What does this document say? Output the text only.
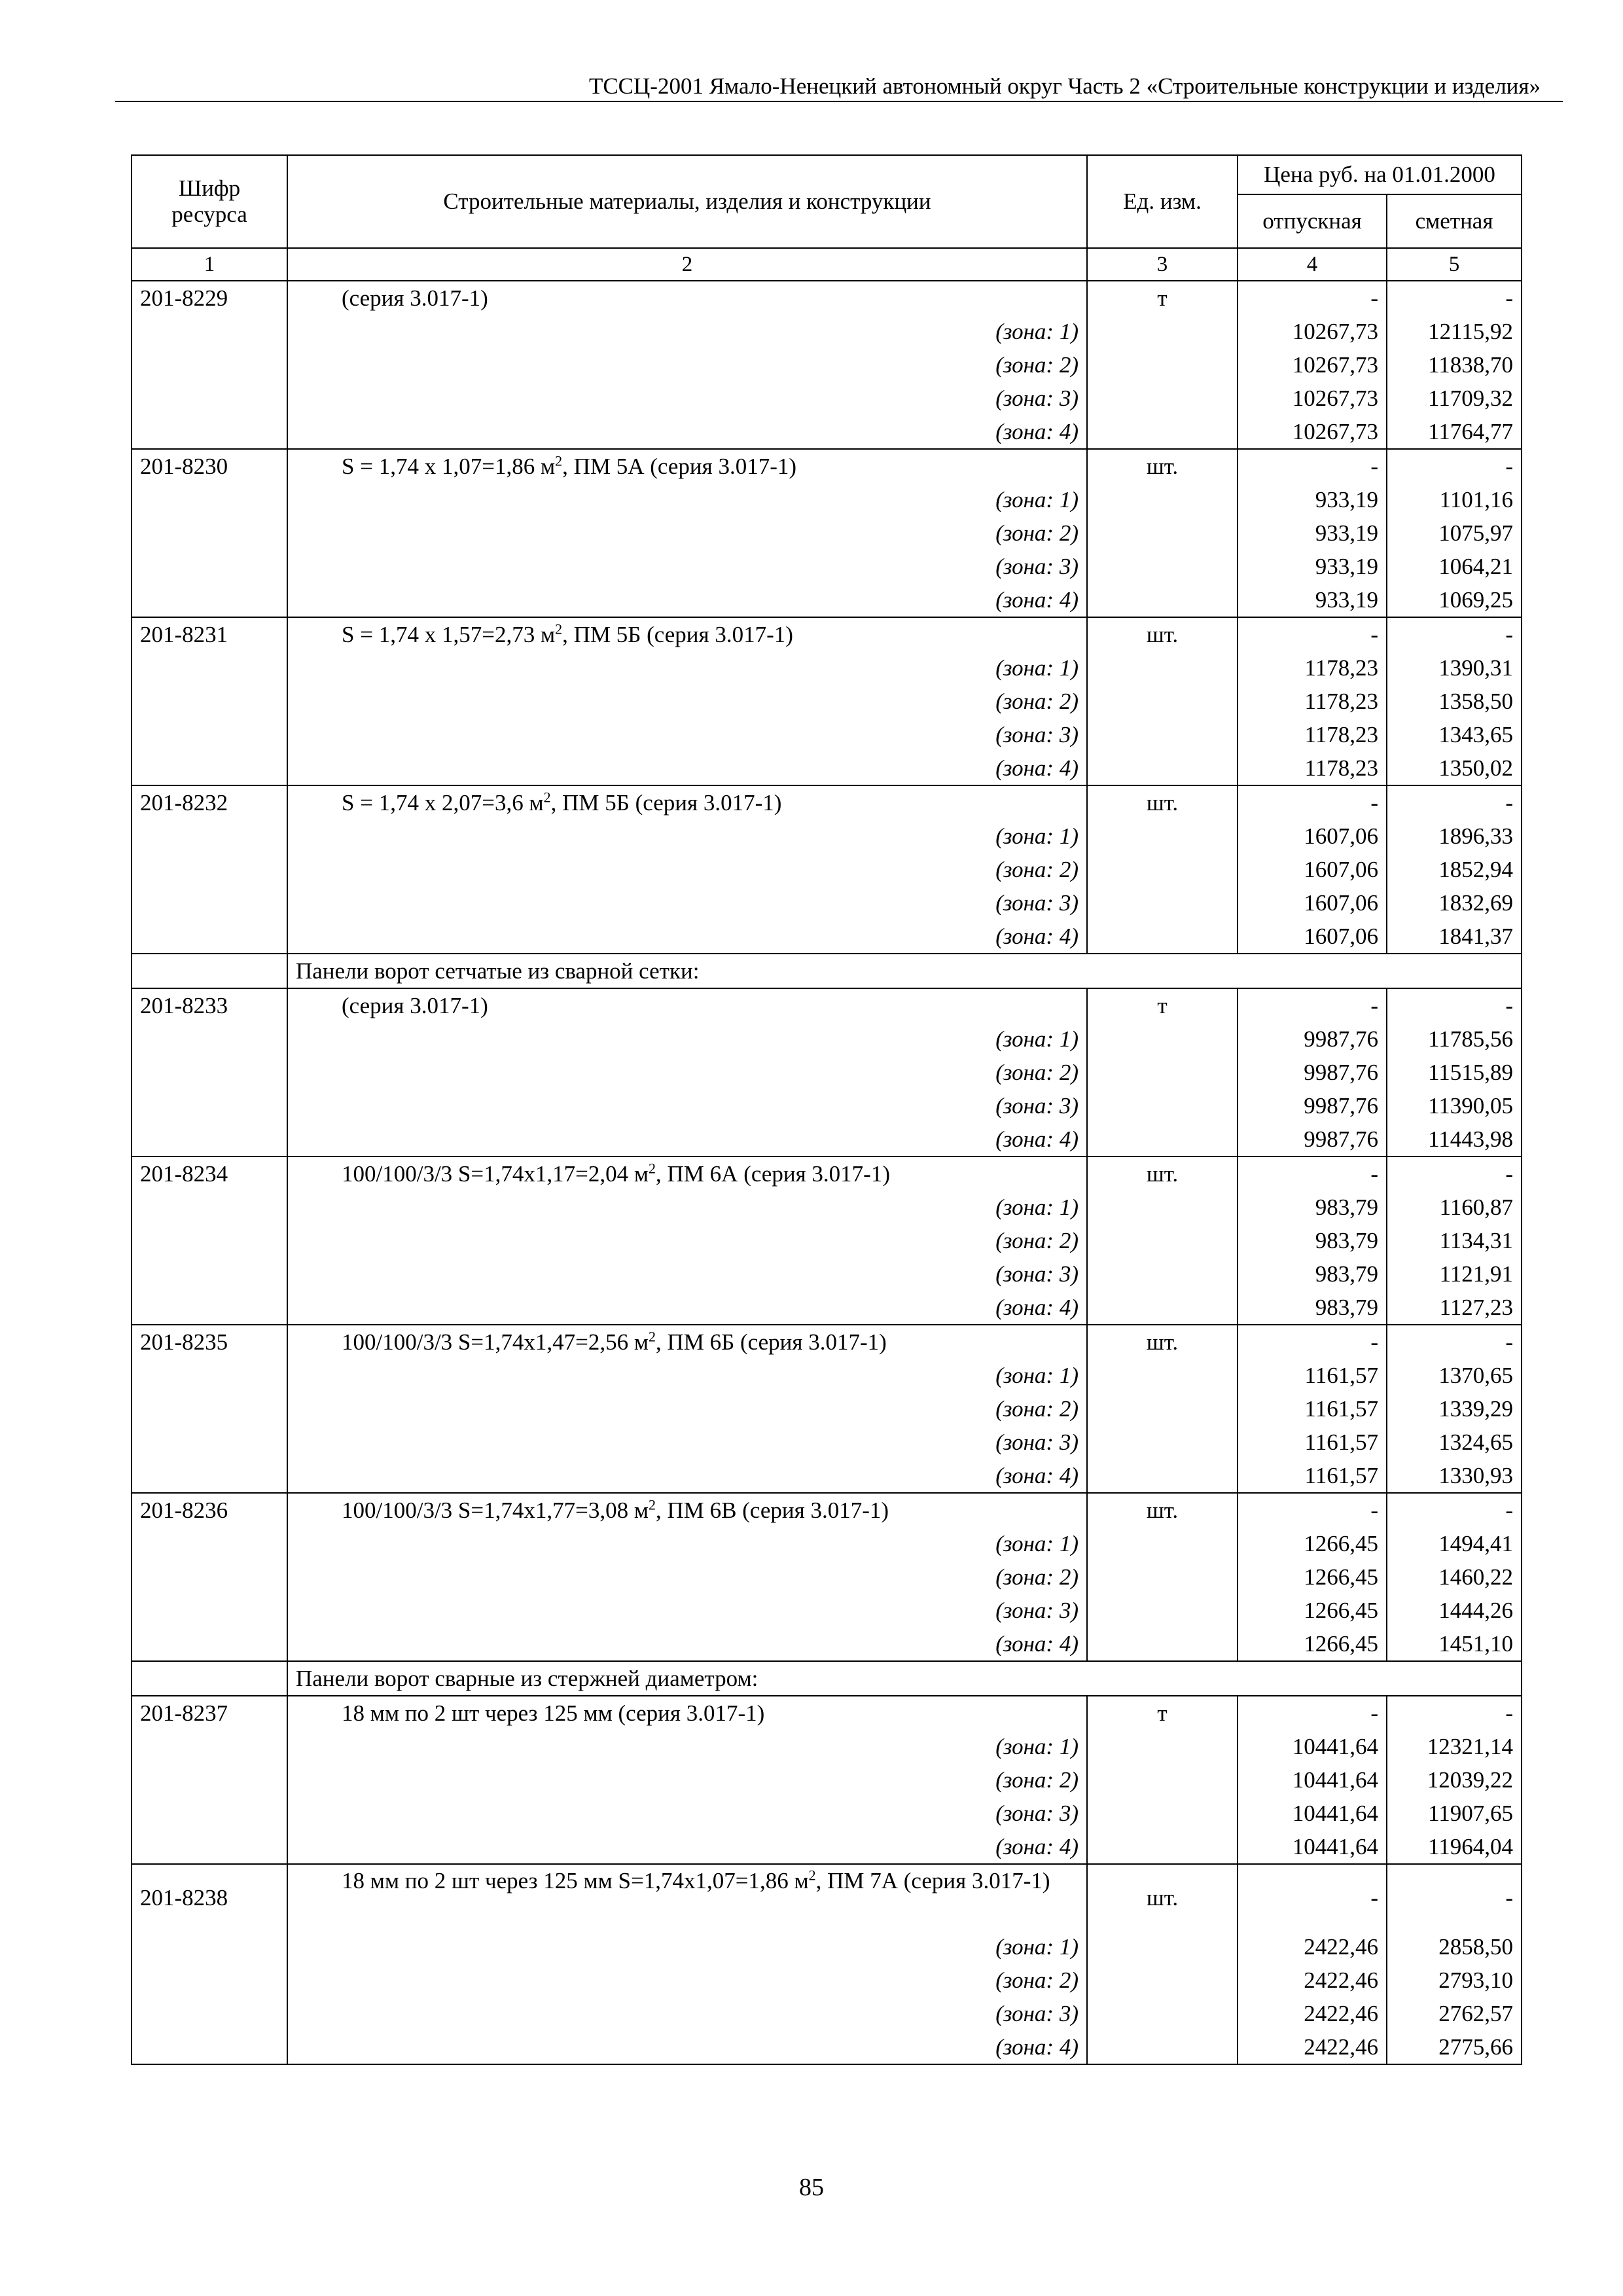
ТССЦ-2001 Ямало-Ненецкий автономный округ Часть 2 «Строительные конструкции и изделия»
Шифр ресурса	Строительные материалы, изделия и конструкции	Ед. изм.	Цена руб. на 01.01.2000	
			отпускная	сметная
1	2	3	4	5
201-8229	(серия 3.017-1)	т	-	-
	(зона: 1)		10267,73	12115,92
	(зона: 2)		10267,73	11838,70
	(зона: 3)		10267,73	11709,32
	(зона: 4)		10267,73	11764,77
201-8230	S = 1,74 х 1,07=1,86 $м^2$, ПМ 5А (серия 3.017-1)	шт.	-	-
	(зона: 1)		933,19	1101,16
	(зона: 2)		933,19	1075,97
	(зона: 3)		933,19	1064,21
	(зона: 4)		933,19	1069,25
201-8231	S = 1,74 х 1,57=2,73 $м^2$, ПМ 5Б (серия 3.017-1)	шт.	-	-
	(зона: 1)		1178,23	1390,31
	(зона: 2)		1178,23	1358,50
	(зона: 3)		1178,23	1343,65
	(зона: 4)		1178,23	1350,02
201-8232	S = 1,74 х 2,07=3,6 $м^2$, ПМ 5Б (серия 3.017-1)	шт.	-	-
	(зона: 1)		1607,06	1896,33
	(зона: 2)		1607,06	1852,94
	(зона: 3)		1607,06	1832,69
	(зона: 4)		1607,06	1841,37
	Панели ворот сетчатые из сварной сетки:			
201-8233	(серия 3.017-1)	т	-	-
	(зона: 1)		9987,76	11785,56
	(зона: 2)		9987,76	11515,89
	(зона: 3)		9987,76	11390,05
	(зона: 4)		9987,76	11443,98
201-8234	100/100/3/3 S=1,74х1,17=2,04 $м^2$, ПМ 6А (серия 3.017-1)	шт.	-	-
	(зона: 1)		983,79	1160,87
	(зона: 2)		983,79	1134,31
	(зона: 3)		983,79	1121,91
	(зона: 4)		983,79	1127,23
201-8235	100/100/3/3 S=1,74х1,47=2,56 $м^2$, ПМ 6Б (серия 3.017-1)	шт.	-	-
	(зона: 1)		1161,57	1370,65
	(зона: 2)		1161,57	1339,29
	(зона: 3)		1161,57	1324,65
	(зона: 4)		1161,57	1330,93
201-8236	100/100/3/3 S=1,74х1,77=3,08 $м^2$, ПМ 6В (серия 3.017-1)	шт.	-	-
	(зона: 1)		1266,45	1494,41
	(зона: 2)		1266,45	1460,22
	(зона: 3)		1266,45	1444,26
	(зона: 4)		1266,45	1451,10
	Панели ворот сварные из стержней диаметром:			
201-8237	18 мм по 2 шт через 125 мм (серия 3.017-1)	т	-	-
	(зона: 1)		10441,64	12321,14
	(зона: 2)		10441,64	12039,22
	(зона: 3)		10441,64	11907,65
	(зона: 4)		10441,64	11964,04
201-8238	18 мм по 2 шт через 125 мм S=1,74х1,07=1,86 $м^2$, ПМ 7А (серия 3.017-1)	шт.	-	-
	(зона: 1)		2422,46	2858,50
	(зона: 2)		2422,46	2793,10
	(зона: 3)		2422,46	2762,57
	(зона: 4)		2422,46	2775,66
85
